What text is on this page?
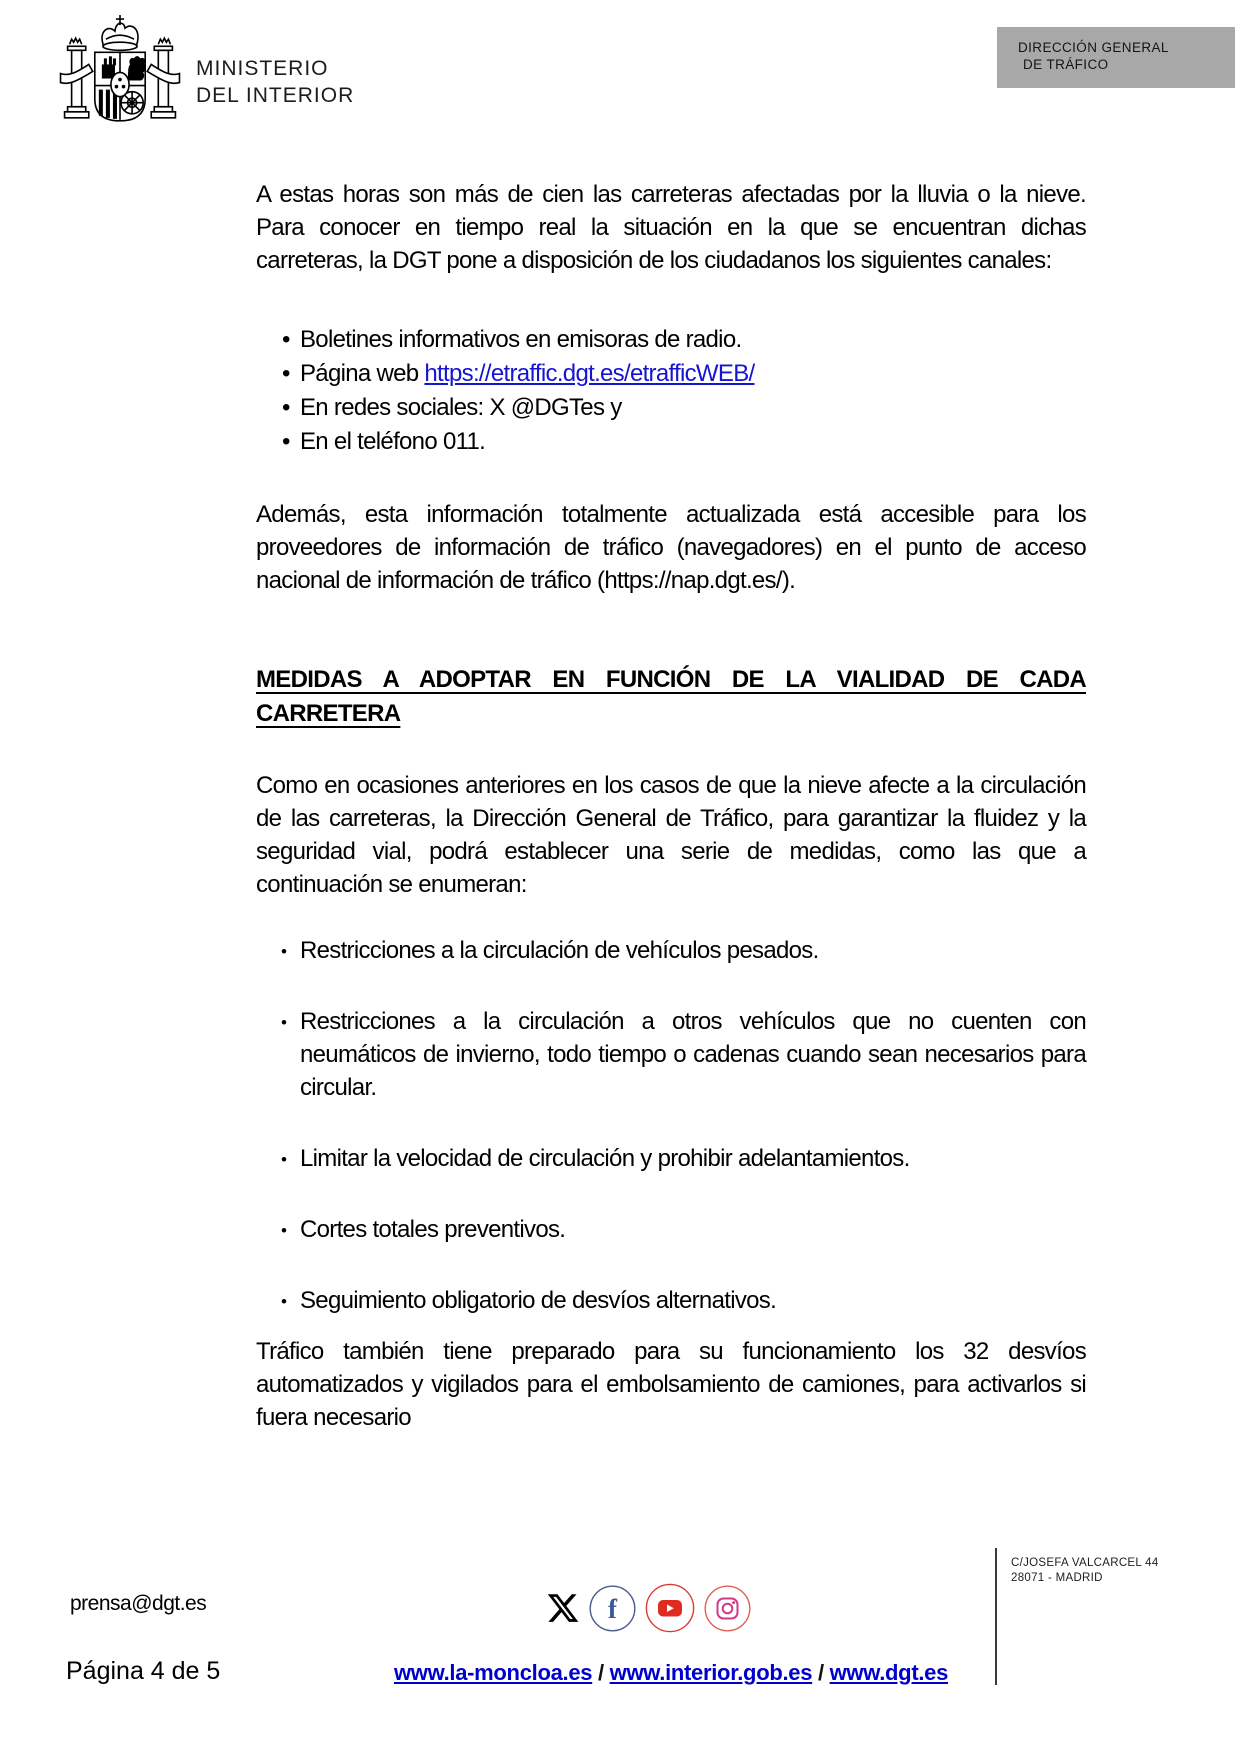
MINISTERIO
DEL INTERIOR
DIRECCIÓN GENERAL
DE TRÁFICO

A estas horas son más de cien las carreteras afectadas por la lluvia o la nieve. Para conocer en tiempo real la situación en la que se encuentran dichas carreteras, la DGT pone a disposición de los ciudadanos los siguientes canales:

• Boletines informativos en emisoras de radio.
• Página web https://etraffic.dgt.es/etrafficWEB/
• En redes sociales: X @DGTes y
• En el teléfono 011.

Además, esta información totalmente actualizada está accesible para los proveedores de información de tráfico (navegadores) en el punto de acceso nacional de información de tráfico (https://nap.dgt.es/).

MEDIDAS A ADOPTAR EN FUNCIÓN DE LA VIALIDAD DE CADA
CARRETERA

Como en ocasiones anteriores en los casos de que la nieve afecte a la circulación de las carreteras, la Dirección General de Tráfico, para garantizar la fluidez y la seguridad vial, podrá establecer una serie de medidas, como las que a continuación se enumeran:

• Restricciones a la circulación de vehículos pesados.
• Restricciones a la circulación a otros vehículos que no cuenten con neumáticos de invierno, todo tiempo o cadenas cuando sean necesarios para circular.
• Limitar la velocidad de circulación y prohibir adelantamientos.
• Cortes totales preventivos.
• Seguimiento obligatorio de desvíos alternativos.

Tráfico también tiene preparado para su funcionamiento los 32 desvíos automatizados y vigilados para el embolsamiento de camiones, para activarlos si fuera necesario

prensa@dgt.es
Página 4 de 5
f
www.la-moncloa.es / www.interior.gob.es / www.dgt.es
C/JOSEFA VALCARCEL 44
28071 - MADRID
